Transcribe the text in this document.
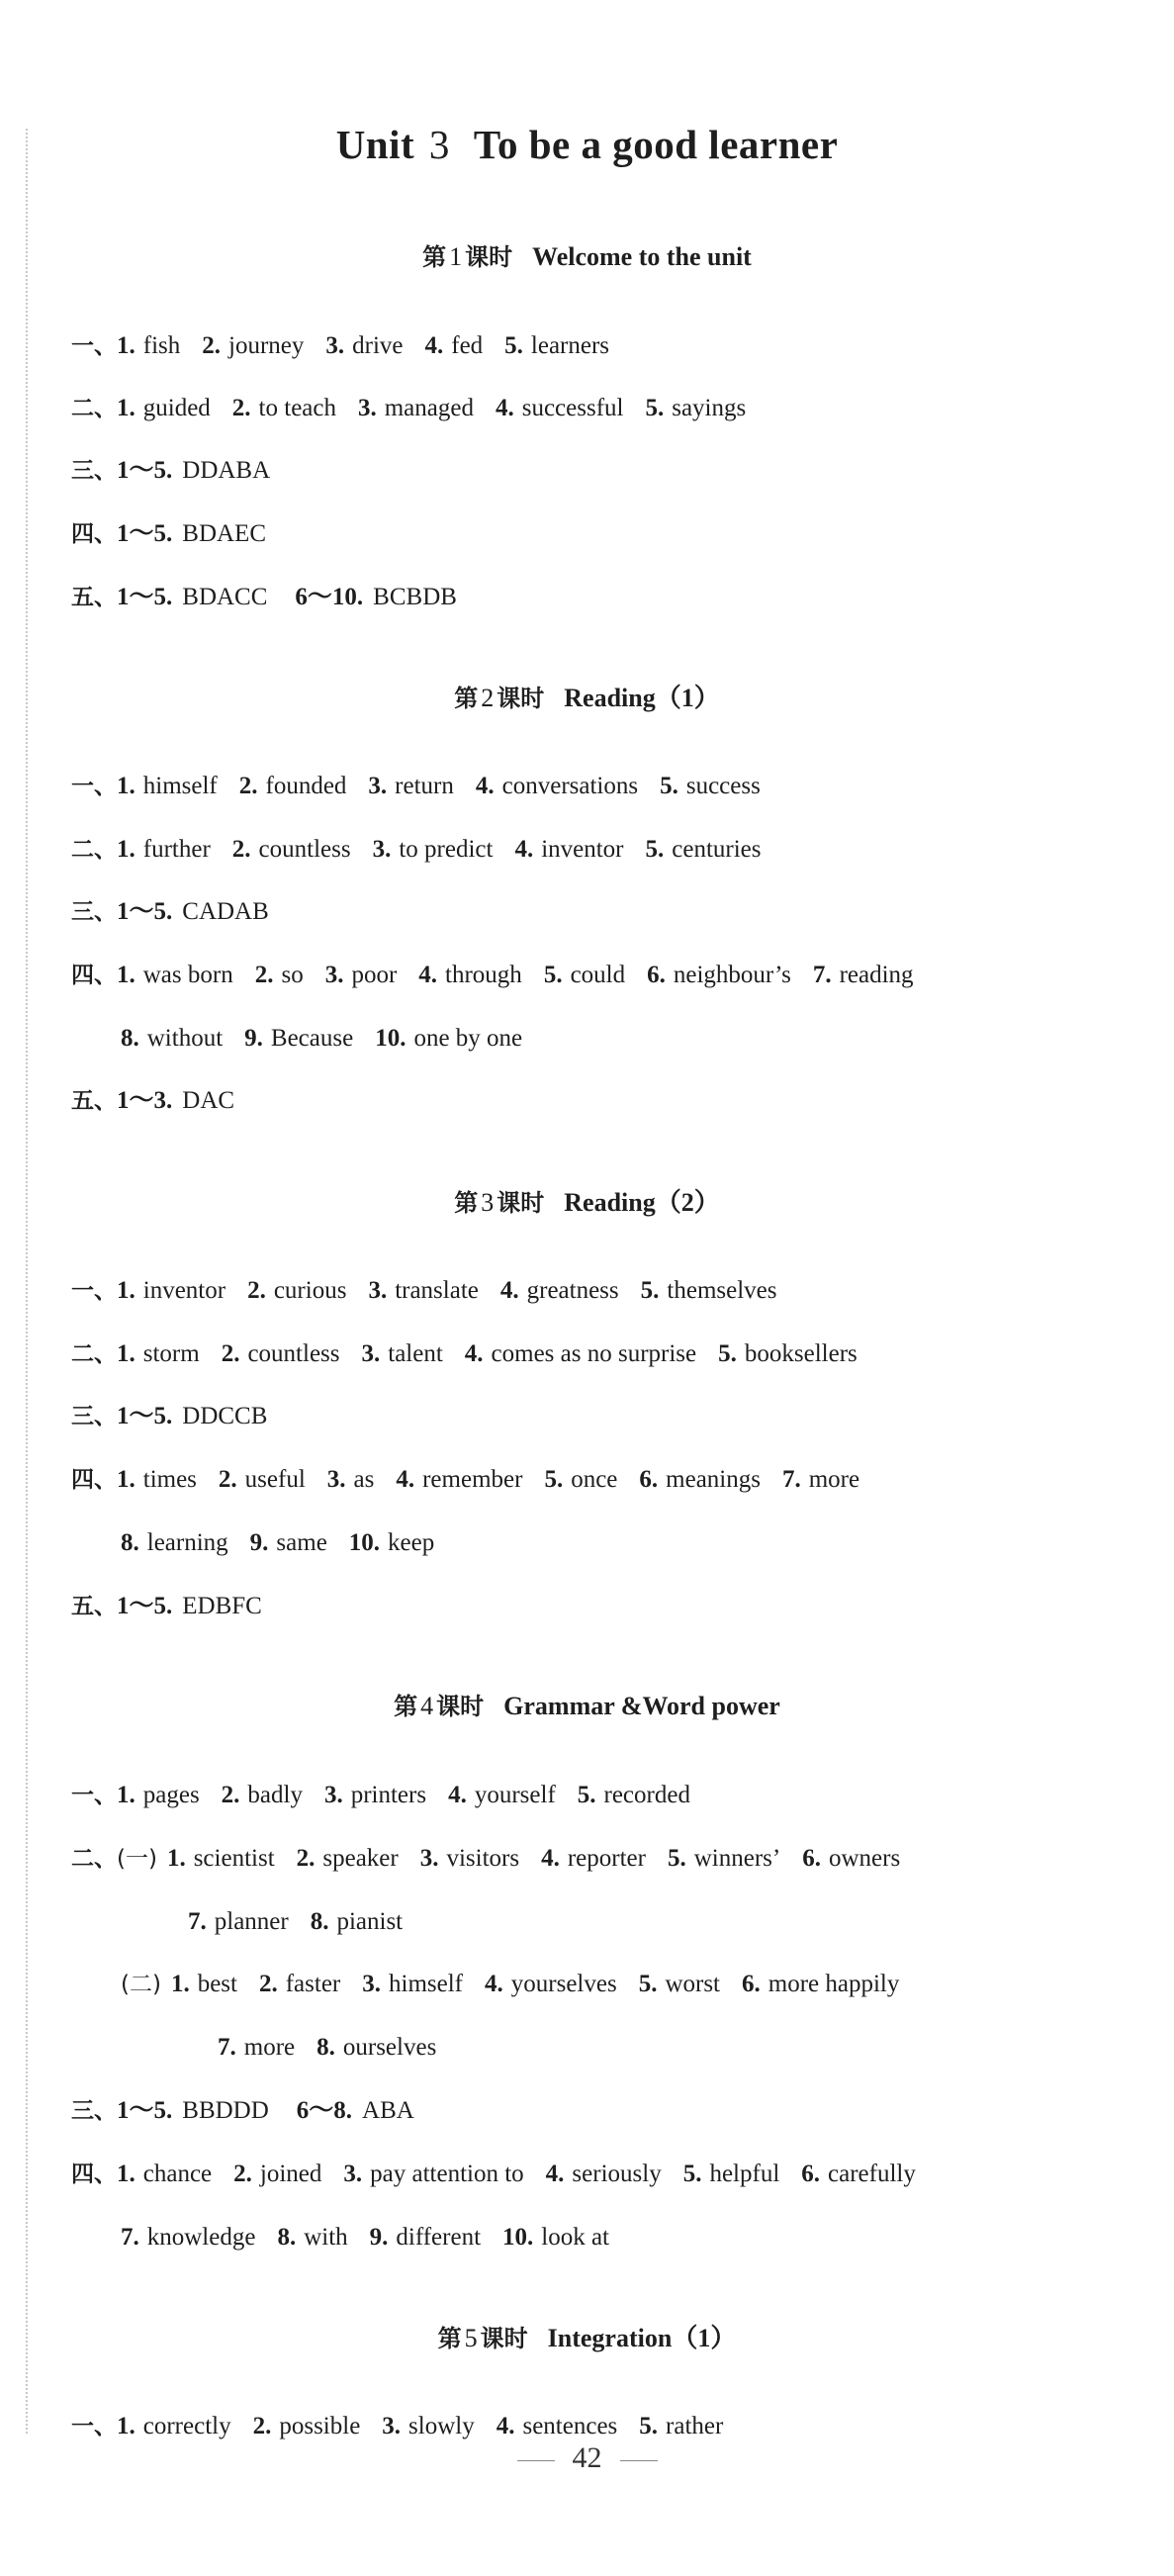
Unit 3 To be a good learner
第 1 课时 Welcome to the unit
一、1. fish 2. journey 3. drive 4. fed 5. learners
二、1. guided 2. to teach 3. managed 4. successful 5. sayings
三、1～5. DDABA
四、1～5. BDAEC
五、1～5. BDACC 6～10. BCBDB
第 2 课时 Reading（1）
一、1. himself 2. founded 3. return 4. conversations 5. success
二、1. further 2. countless 3. to predict 4. inventor 5. centuries
三、1～5. CADAB
四、1. was born 2. so 3. poor 4. through 5. could 6. neighbour’s 7. reading
8. without 9. Because 10. one by one
五、1～3. DAC
第 3 课时 Reading（2）
一、1. inventor 2. curious 3. translate 4. greatness 5. themselves
二、1. storm 2. countless 3. talent 4. comes as no surprise 5. booksellers
三、1～5. DDCCB
四、1. times 2. useful 3. as 4. remember 5. once 6. meanings 7. more
8. learning 9. same 10. keep
五、1～5. EDBFC
第 4 课时 Grammar &Word power
一、1. pages 2. badly 3. printers 4. yourself 5. recorded
二、(一) 1. scientist 2. speaker 3. visitors 4. reporter 5. winners’ 6. owners
7. planner 8. pianist
(二) 1. best 2. faster 3. himself 4. yourselves 5. worst 6. more happily
7. more 8. ourselves
三、1～5. BBDDD 6～8. ABA
四、1. chance 2. joined 3. pay attention to 4. seriously 5. helpful 6. carefully
7. knowledge 8. with 9. different 10. look at
第 5 课时 Integration（1）
一、1. correctly 2. possible 3. slowly 4. sentences 5. rather
42
